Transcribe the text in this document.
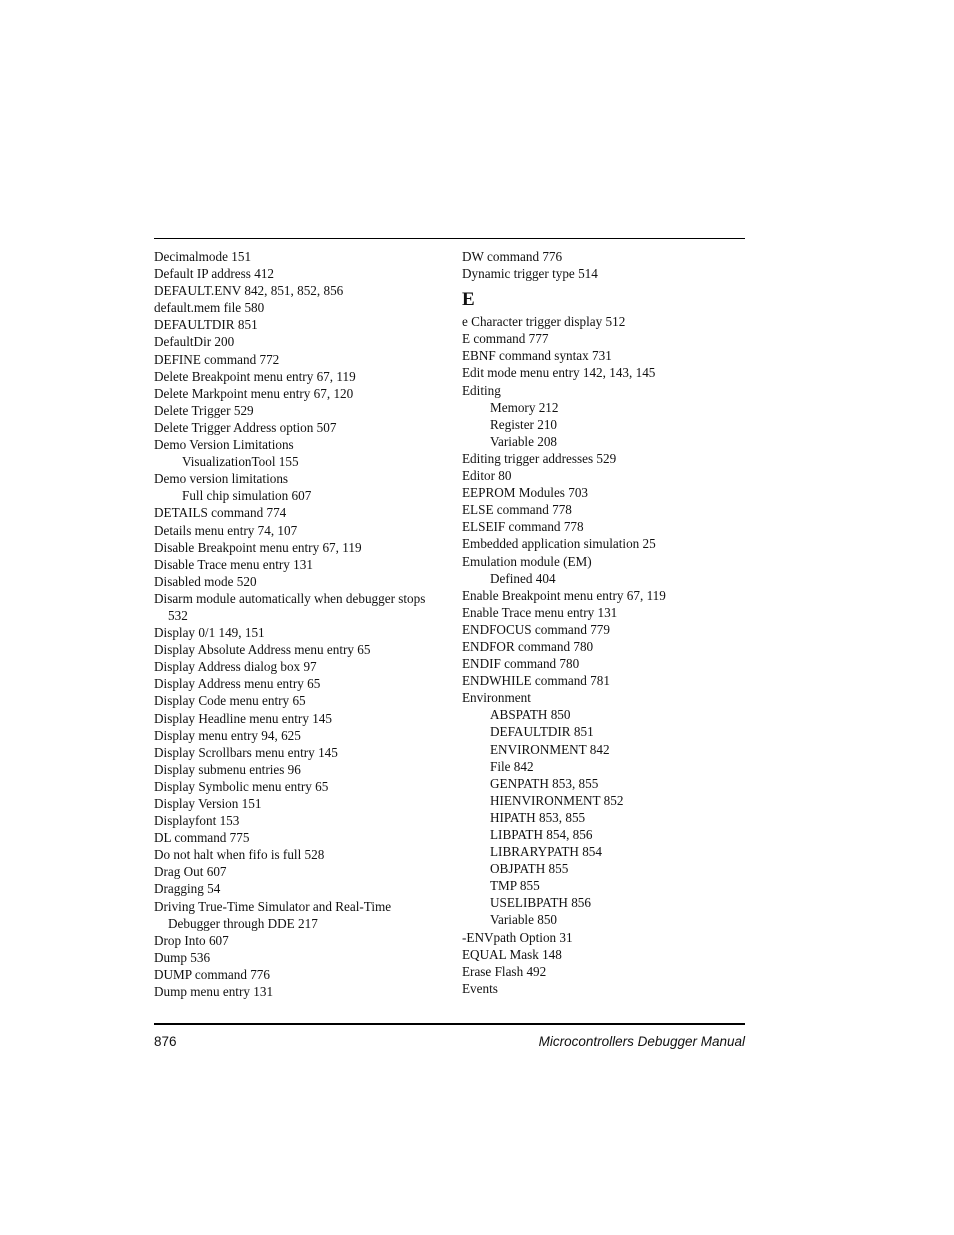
Decimalmode 151
Default IP address 412
DEFAULT.ENV 842, 851, 852, 856
default.mem file 580
DEFAULTDIR 851
DefaultDir 200
DEFINE command 772
Delete Breakpoint menu entry 67, 119
Delete Markpoint menu entry 67, 120
Delete Trigger 529
Delete Trigger Address option 507
Demo Version Limitations
VisualizationTool 155
Demo version limitations
Full chip simulation 607
DETAILS command 774
Details menu entry 74, 107
Disable Breakpoint menu entry 67, 119
Disable Trace menu entry 131
Disabled mode 520
Disarm module automatically when debugger stops 532
Display 0/1 149, 151
Display Absolute Address menu entry 65
Display Address dialog box 97
Display Address menu entry 65
Display Code menu entry 65
Display Headline menu entry 145
Display menu entry 94, 625
Display Scrollbars menu entry 145
Display submenu entries 96
Display Symbolic menu entry 65
Display Version 151
Displayfont 153
DL command 775
Do not halt when fifo is full 528
Drag Out 607
Dragging 54
Driving True-Time Simulator and Real-Time Debugger through DDE 217
Drop Into 607
Dump 536
DUMP command 776
Dump menu entry 131
DW command 776
Dynamic trigger type 514
E
e Character trigger display 512
E command 777
EBNF command syntax 731
Edit mode menu entry 142, 143, 145
Editing
Memory 212
Register 210
Variable 208
Editing trigger addresses 529
Editor 80
EEPROM Modules 703
ELSE command 778
ELSEIF command 778
Embedded application simulation 25
Emulation module (EM)
Defined 404
Enable Breakpoint menu entry 67, 119
Enable Trace menu entry 131
ENDFOCUS command 779
ENDFOR command 780
ENDIF command 780
ENDWHILE command 781
Environment
ABSPATH 850
DEFAULTDIR 851
ENVIRONMENT 842
File 842
GENPATH 853, 855
HIENVIRONMENT 852
HIPATH 853, 855
LIBPATH 854, 856
LIBRARYPATH 854
OBJPATH 855
TMP 855
USELIBPATH 856
Variable 850
-ENVpath Option 31
EQUAL Mask 148
Erase Flash 492
Events
876	Microcontrollers Debugger Manual
